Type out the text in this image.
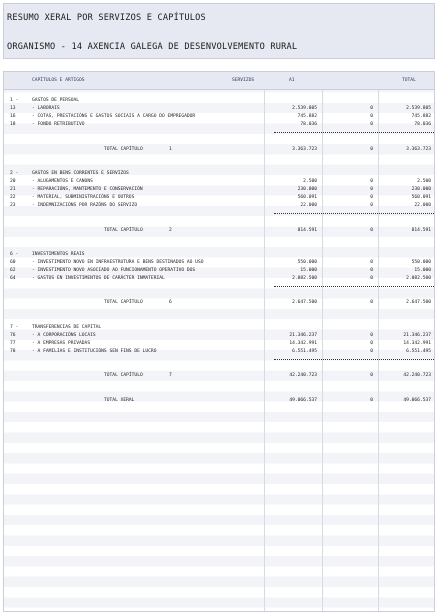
RESUMO XERAL POR SERVIZOS E CAPÍTULOS
ORGANISMO - 14 AXENCIA GALEGA DE DESENVOLVEMENTO RURAL
CAPÍTULOS E ARTIGOS	SERVIZOS	A1	TOTAL
1 -	GASTOS DE PERSOAL
13	- LABORAIS	2.539.805	0	2.539.805
16	- COTAS, PRESTACIÓNS E GASTOS SOCIAIS A CARGO DO EMPREGADOR	745.882	0	745.882
18	- FONDO RETRIBUTIVO	78.036	0	78.036
TOTAL CAPÍTULO	1	3.363.723	0	3.363.723
2 -	GASTOS EN BENS CORRENTES E SERVIZOS
20	- ALUGAMENTOS E CANONS	2.500	0	2.500
21	- REPARACIÓNS, MANTEMENTO E CONSERVACIÓN	230.000	0	230.000
22	- MATERIAL, SUBMINISTRACIÓNS E OUTROS	560.091	0	560.091
23	- INDEMNIZACIÓNS POR RAZÓNS DO SERVIZO	22.000	0	22.000
TOTAL CAPÍTULO	2	814.591	0	814.591
6 -	INVESTIMENTOS REAIS
60	- INVESTIMENTO NOVO EN INFRAESTRUTURA E BENS DESTINADOS AO USO	550.000	0	550.000
62	- INVESTIMENTO NOVO ASOCIADO AO FUNCIONAMENTO OPERATIVO DOS	15.000	0	15.000
64	- GASTOS EN INVESTIMENTOS DE CARÁCTER INMATERIAL	2.082.500	0	2.082.500
TOTAL CAPÍTULO	6	2.647.500	0	2.647.500
7 -	TRANSFERENCIAS DE CAPITAL
76	- A CORPORACIÓNS LOCAIS	21.346.237	0	21.346.237
77	- A EMPRESAS PRIVADAS	14.342.991	0	14.342.991
78	- A FAMILIAS E INSTITUCIÓNS SEN FINS DE LUCRO	6.551.495	0	6.551.495
TOTAL CAPÍTULO	7	42.240.723	0	42.240.723
TOTAL XERAL	49.066.537	0	49.066.537
